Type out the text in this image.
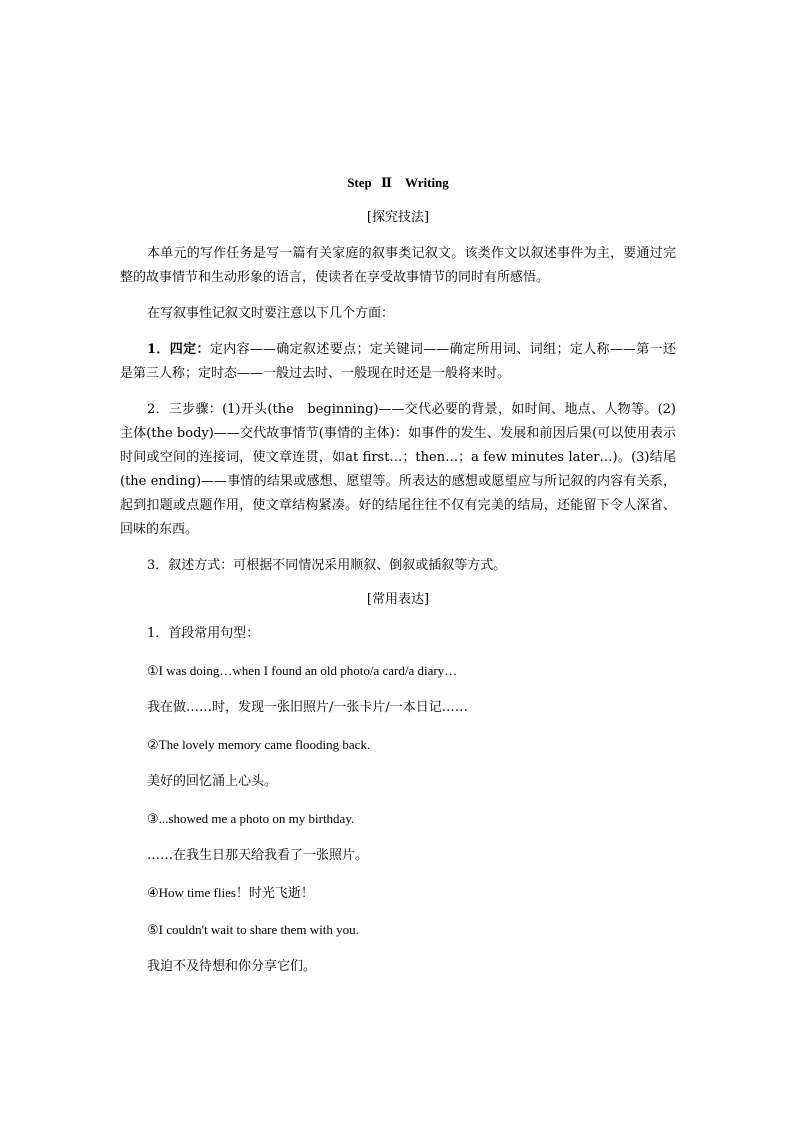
Step Ⅱ　Writing
[探究技法]

本单元的写作任务是写一篇有关家庭的叙事类记叙文。该类作文以叙述事件为主，要通过完整的故事情节和生动形象的语言，使读者在享受故事情节的同时有所感悟。

在写叙事性记叙文时要注意以下几个方面：

1．四定：定内容——确定叙述要点；定关键词——确定所用词、词组；定人称——第一还是第三人称；定时态——一般过去时、一般现在时还是一般将来时。

2．三步骤：(1)开头(the　beginning)——交代必要的背景，如时间、地点、人物等。(2)主体(the body)——交代故事情节(事情的主体)：如事件的发生、发展和前因后果(可以使用表示时间或空间的连接词，使文章连贯，如at first…；then…；a few minutes later…)。(3)结尾(the ending)——事情的结果或感想、愿望等。所表达的感想或愿望应与所记叙的内容有关系，起到扣题或点题作用，使文章结构紧凑。好的结尾往往不仅有完美的结局，还能留下令人深省、回味的东西。

3．叙述方式：可根据不同情况采用顺叙、倒叙或插叙等方式。

[常用表达]
1．首段常用句型：
①I was doing…when I found an old photo/a card/a diary…
我在做……时，发现一张旧照片/一张卡片/一本日记……
②The lovely memory came flooding back.
美好的回忆涌上心头。
③...showed me a photo on my birthday.
……在我生日那天给我看了一张照片。
④How time flies！时光飞逝！
⑤I couldn't wait to share them with you.
我迫不及待想和你分享它们。
